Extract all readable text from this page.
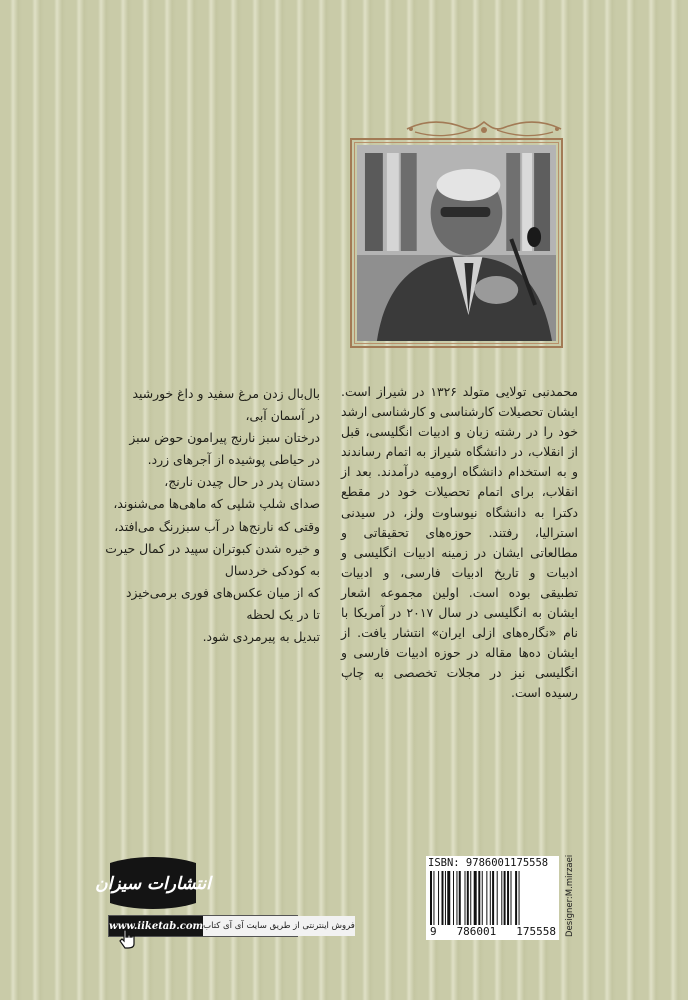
محمدنبی تولایی متولد ۱۳۲۶ در شیراز است. ایشان تحصیلات کارشناسی و کارشناسی ارشد خود را در رشته زبان و ادبیات انگلیسی، قبل از انقلاب، در دانشگاه شیراز به اتمام رساندند و به استخدام دانشگاه ارومیه درآمدند. بعد از انقلاب، برای اتمام تحصیلات خود در مقطع دکترا به دانشگاه نیوساوت ولز، در سیدنی استرالیا، رفتند. حوزه‌های تحقیقاتی و مطالعاتی ایشان در زمینه ادبیات انگلیسی و ادبیات و تاریخ ادبیات فارسی، و ادبیات تطبیقی بوده است. اولین مجموعه اشعار ایشان به انگلیسی در سال ۲۰۱۷ در آمریکا با نام «نگاره‌های ازلی ایران» انتشار یافت. از ایشان ده‌ها مقاله در حوزه ادبیات فارسی و انگلیسی نیز در مجلات تخصصی به چاپ رسیده است.

بال‌بال زدن مرغ سفید و داغ خورشید

در آسمان آبی،

درختان سبز نارنج پیرامون حوض سبز

در حیاطی پوشیده از آجرهای زرد.

دستان پدر در حال چیدن نارنج،

صدای شلپ شلپی که ماهی‌ها می‌شنوند،

وقتی که نارنج‌ها در آب سبزرنگ می‌افتد،

و خیره شدن کبوتران سپید در کمال حیرت

به کودکی خردسال

که از میان عکس‌های فوری برمی‌خیزد

تا در یک لحظه

تبدیل به پیرمردی شود.

انتشارات سیزان
www.iiketab.com فروش اینترنتی از طریق سایت آی آی کتاب
ISBN: 9786001175558
9 786001 175558 Designer:M.mirzaei
